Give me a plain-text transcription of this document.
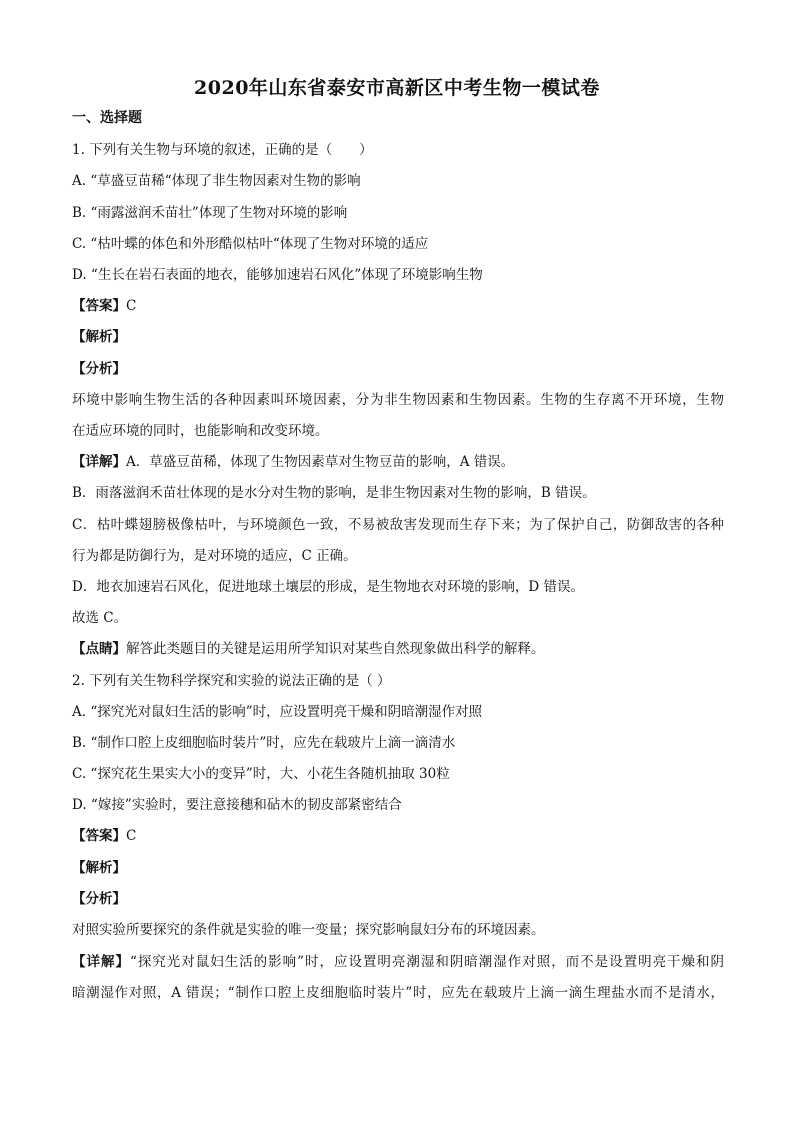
2020年山东省泰安市高新区中考生物一模试卷
一、选择题
1. 下列有关生物与环境的叙述，正确的是（　　）
A. “草盛豆苗稀“体现了非生物因素对生物的影响
B. “雨露滋润禾苗壮”体现了生物对环境的影响
C. “枯叶蝶的体色和外形酷似枯叶“体现了生物对环境的适应
D. “生长在岩石表面的地衣，能够加速岩石风化”体现了环境影响生物
【答案】C
【解析】
【分析】
环境中影响生物生活的各种因素叫环境因素，分为非生物因素和生物因素。生物的生存离不开环境，生物
在适应环境的同时，也能影响和改变环境。
【详解】A．草盛豆苗稀，体现了生物因素草对生物豆苗的影响，A 错误。
B．雨落滋润禾苗壮体现的是水分对生物的影响，是非生物因素对生物的影响，B 错误。
C．枯叶蝶翅膀极像枯叶，与环境颜色一致，不易被敌害发现而生存下来；为了保护自己，防御敌害的各种
行为都是防御行为，是对环境的适应，C 正确。
D．地衣加速岩石风化，促进地球土壤层的形成，是生物地衣对环境的影响，D 错误。
故选 C。
【点睛】解答此类题目的关键是运用所学知识对某些自然现象做出科学的解释。
2. 下列有关生物科学探究和实验的说法正确的是（ ）
A. “探究光对鼠妇生活的影响”时，应设置明亮干燥和阴暗潮湿作对照
B. “制作口腔上皮细胞临时装片”时，应先在载玻片上滴一滴清水
C. “探究花生果实大小的变异”时，大、小花生各随机抽取 30粒
D. “嫁接”实验时，要注意接穗和砧木的韧皮部紧密结合
【答案】C
【解析】
【分析】
对照实验所要探究的条件就是实验的唯一变量；探究影响鼠妇分布的环境因素。
【详解】“探究光对鼠妇生活的影响”时，应设置明亮潮湿和阴暗潮湿作对照，而不是设置明亮干燥和阴
暗潮湿作对照，A 错误；“制作口腔上皮细胞临时装片”时，应先在载玻片上滴一滴生理盐水而不是清水，
